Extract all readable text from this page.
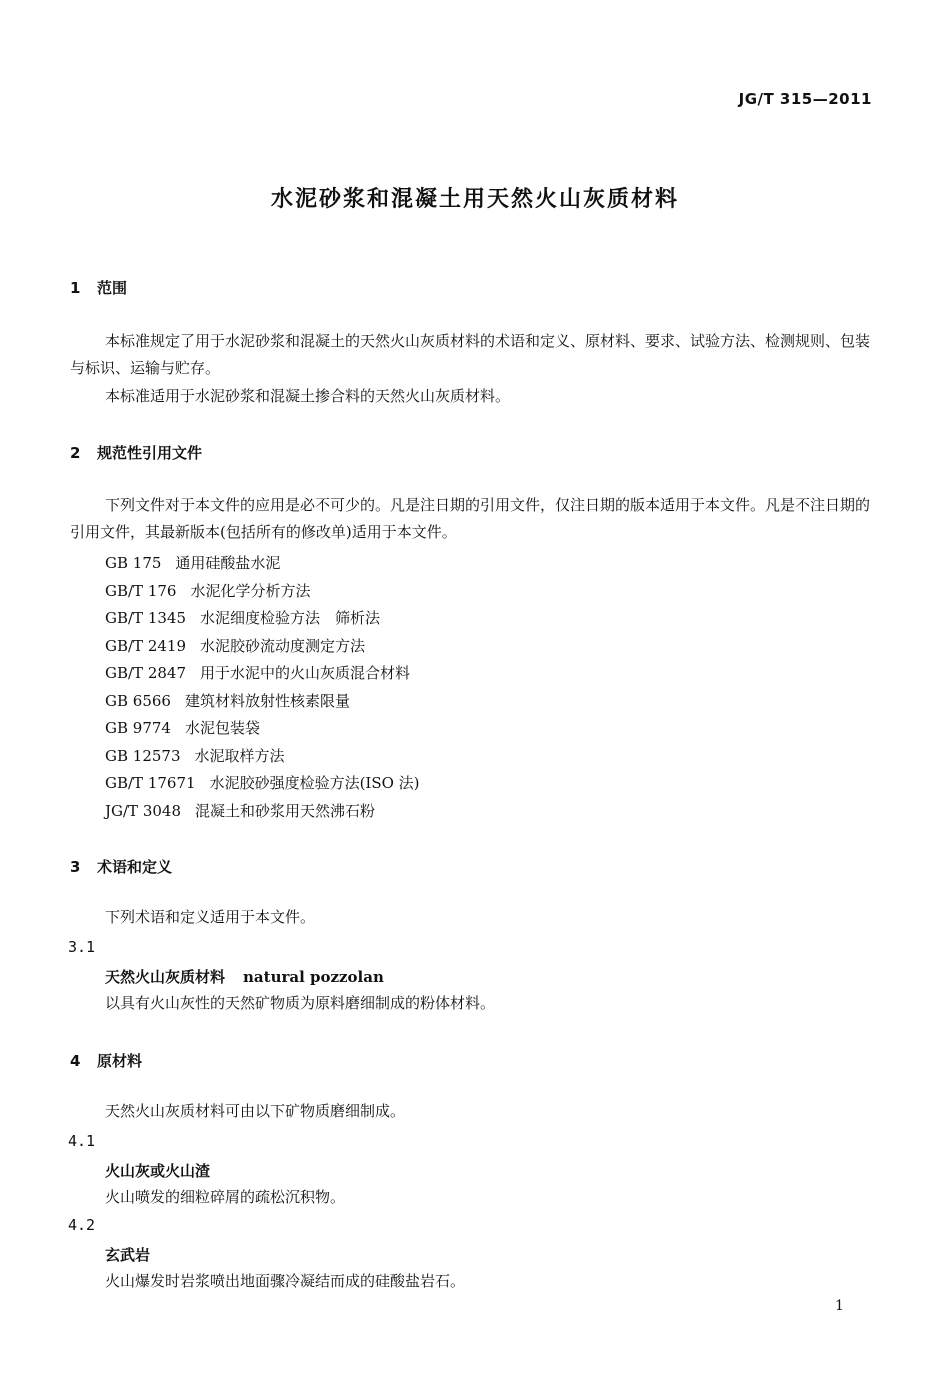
JG/T 315—2011
水泥砂浆和混凝土用天然火山灰质材料
1 范围
本标准规定了用于水泥砂浆和混凝土的天然火山灰质材料的术语和定义、原材料、要求、试验方法、检测规则、包装与标识、运输与贮存。
本标准适用于水泥砂浆和混凝土掺合料的天然火山灰质材料。
2 规范性引用文件
下列文件对于本文件的应用是必不可少的。凡是注日期的引用文件，仅注日期的版本适用于本文件。凡是不注日期的引用文件，其最新版本(包括所有的修改单)适用于本文件。
GB 175 通用硅酸盐水泥
GB/T 176 水泥化学分析方法
GB/T 1345 水泥细度检验方法　筛析法
GB/T 2419 水泥胶砂流动度测定方法
GB/T 2847 用于水泥中的火山灰质混合材料
GB 6566 建筑材料放射性核素限量
GB 9774 水泥包装袋
GB 12573 水泥取样方法
GB/T 17671 水泥胶砂强度检验方法(ISO 法)
JG/T 3048 混凝土和砂浆用天然沸石粉
3 术语和定义
下列术语和定义适用于本文件。
3.1
天然火山灰质材料 natural pozzolan
以具有火山灰性的天然矿物质为原料磨细制成的粉体材料。
4 原材料
天然火山灰质材料可由以下矿物质磨细制成。
4.1
火山灰或火山渣
火山喷发的细粒碎屑的疏松沉积物。
4.2
玄武岩
火山爆发时岩浆喷出地面骤冷凝结而成的硅酸盐岩石。
1
